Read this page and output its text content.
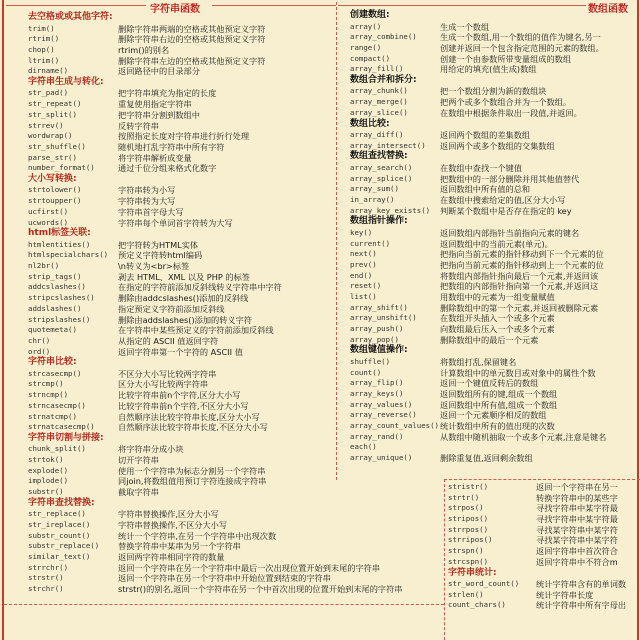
字符串函数	数组函数
去空格或或其他字符:
trim()	删除字符串两端的空格或其他预定义字符
rtrim()	删除字符串右边的空格或其他预定义字符
chop()	rtrim()的别名
ltrim()	删除字符串左边的空格或其他预定义字符
dirname()	返回路径中的目录部分
字符串生成与转化:
str_pad()	把字符串填充为指定的长度
str_repeat()	重复使用指定字符串
str_split()	把字符串分割到数组中
strrev()	反转字符串
wordwrap()	按照指定长度对字符串进行折行处理
str_shuffle()	随机地打乱字符串中所有字符
parse_str()	将字符串解析成变量
number_format()	通过千位分组来格式化数字
大小写转换:
strtolower()	字符串转为小写
strtoupper()	字符串转为大写
ucfirst()	字符串首字母大写
ucwords()	字符串每个单词首字符转为大写
html标签关联:
htmlentities()	把字符转为HTML实体
htmlspecialchars() 预定义字符转html编码
nl2br()	\n转义为<br>标签
strip_tags()	剥去 HTML、XML 以及 PHP 的标签
addcslashes()	在指定的字符前添加反斜线转义字符串中字符
stripcslashes()	删除由addcslashes()添加的反斜线
addslashes()	指定预定义字符前添加反斜线
stripslashes()	删除由addslashes()添加的转义字符
quotemeta()	在字符串中某些预定义的字符前添加反斜线
chr()	从指定的 ASCII 值返回字符
ord()	返回字符串第一个字符的 ASCII 值
字符串比较:
strcasecmp()	不区分大小写比较两字符串
strcmp()	区分大小写比较两字符串
strncmp()	比较字符串前n个字符,区分大小写
strncasecmp()	比较字符串前n个字符,不区分大小写
strnatcmp()	自然顺序法比较字符串长度,区分大小写
strnatcasecmp()	自然顺序法比较字符串长度,不区分大小写
字符串切割与拼接:
chunk_split()	将字符串分成小块
strtok()	切开字符串
explode()	使用一个字符串为标志分割另一个字符串
implode()	同join,将数组值用预订字符连接成字符串
substr()	截取字符串
字符串查找替换:
str_replace()	字符串替换操作,区分大小写
str_ireplace()	字符串替换操作,不区分大小写
substr_count()	统计一个字符串,在另一个字符串中出现次数
substr_replace() 替换字符串中某串为另一个字符串
similar_text()	返回两字符串相同字符的数量
strrchr()	返回一个字符串在另一个字符串中最后一次出现位置开始到末尾的字符串
strstr()	返回一个字符串在另一个字符串中开始位置到结束的字符串
strchr()	strstr()的别名,返回一个字符串在另一个中首次出现的位置开始到末尾的字符串
创建数组:
array()	生成一个数组
array_combine()	生成一个数组,用一个数组的值作为键名,另一
range()	创建并返回一个包含指定范围的元素的数组。
compact()	创建一个由参数所带变量组成的数组
array_fill()	用给定的填充(值生成)数组
数组合并和拆分:
array_chunk()	把一个数组分割为新的数组块
array_merge()	把两个或多个数组合并为一个数组。
array_slice()	在数组中根据条件取出一段值,并返回。
数组比较:
array_diff()	返回两个数组的差集数组
array_intersect() 返回两个或多个数组的交集数组
数组查找替换:
array_search()	在数组中查找一个键值
array_splice()	把数组中的一部分删除并用其他值替代
array_sum()	返回数组中所有值的总和
in_array()	在数组中搜索给定的值,区分大小写
array_key_exists() 判断某个数组中是否存在指定的 key
数组指针操作:
key()	返回数组内部指针当前指向元素的键名
current()	返回数组中的当前元素(单元)。
next()	把指向当前元素的指针移动到下一个元素的位
prev()	把指向当前元素的指针移动到上一个元素的位
end()	将数组内部指针指向最后一个元素,并返回该
reset()	把数组的内部指针指向第一个元素,并返回这
list()	用数组中的元素为一组变量赋值
array_shift()	删除数组中的第一个元素,并返回被删除元素
array_unshift()	在数组开头插入一个或多个元素
array_push()	向数组最后压入一个或多个元素
array_pop()	删除数组中的最后一个元素
数组键值操作:
shuffle()	将数组打乱,保留键名
count()	计算数组中的单元数目或对象中的属性个数
array_flip()	返回一个键值反转后的数组
array_keys()	返回数组所有的键,组成一个数组
array_values()	返回数组中所有值,组成一个数组
array_reverse()	返回一个元素顺序相反的数组
array_count_values() 统计数组中所有的值出现的次数
array_rand()	从数组中随机抽取一个或多个元素,注意是键名
each()
array_unique()	删除重复值,返回剩余数组
stristr()	返回一个字符串在另一
strtr()	转换字符串中的某些字
strpos()	寻找字符串中某字符最
stripos()	寻找字符串中某字符最
strrpos()	寻找某字符串中某字符
strripos()	寻找某字符串中某字符
strspn()	返回字符串中首次符合
strcspn()	返回字符串中不符合m
字符串统计:
str_word_count() 统计字符串含有的单词数
strlen()	统计字符串长度
count_chars()	统计字符串中所有字母出
